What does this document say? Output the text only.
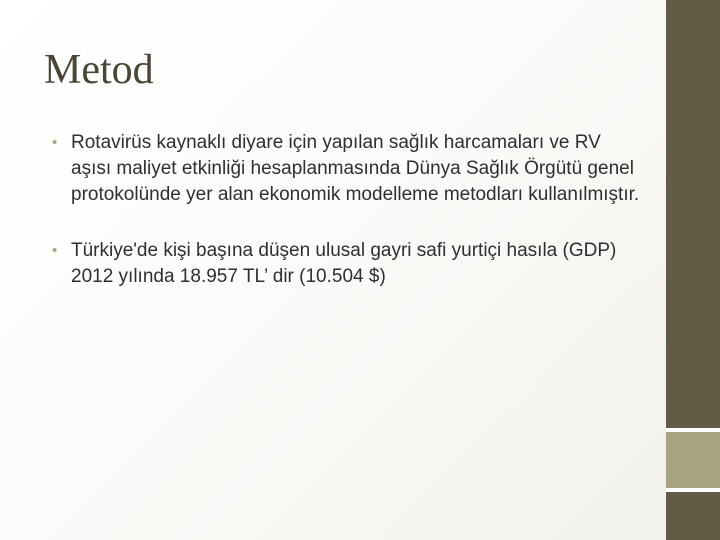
Metod
• Rotavirüs kaynaklı diyare için yapılan sağlık harcamaları ve RV aşısı maliyet etkinliği hesaplanmasında Dünya Sağlık Örgütü genel protokolünde yer alan ekonomik modelleme metodları kullanılmıştır.
• Türkiye'de kişi başına düşen ulusal gayri safi yurtiçi hasıla (GDP) 2012 yılında 18.957 TL’ dir (10.504 $)
